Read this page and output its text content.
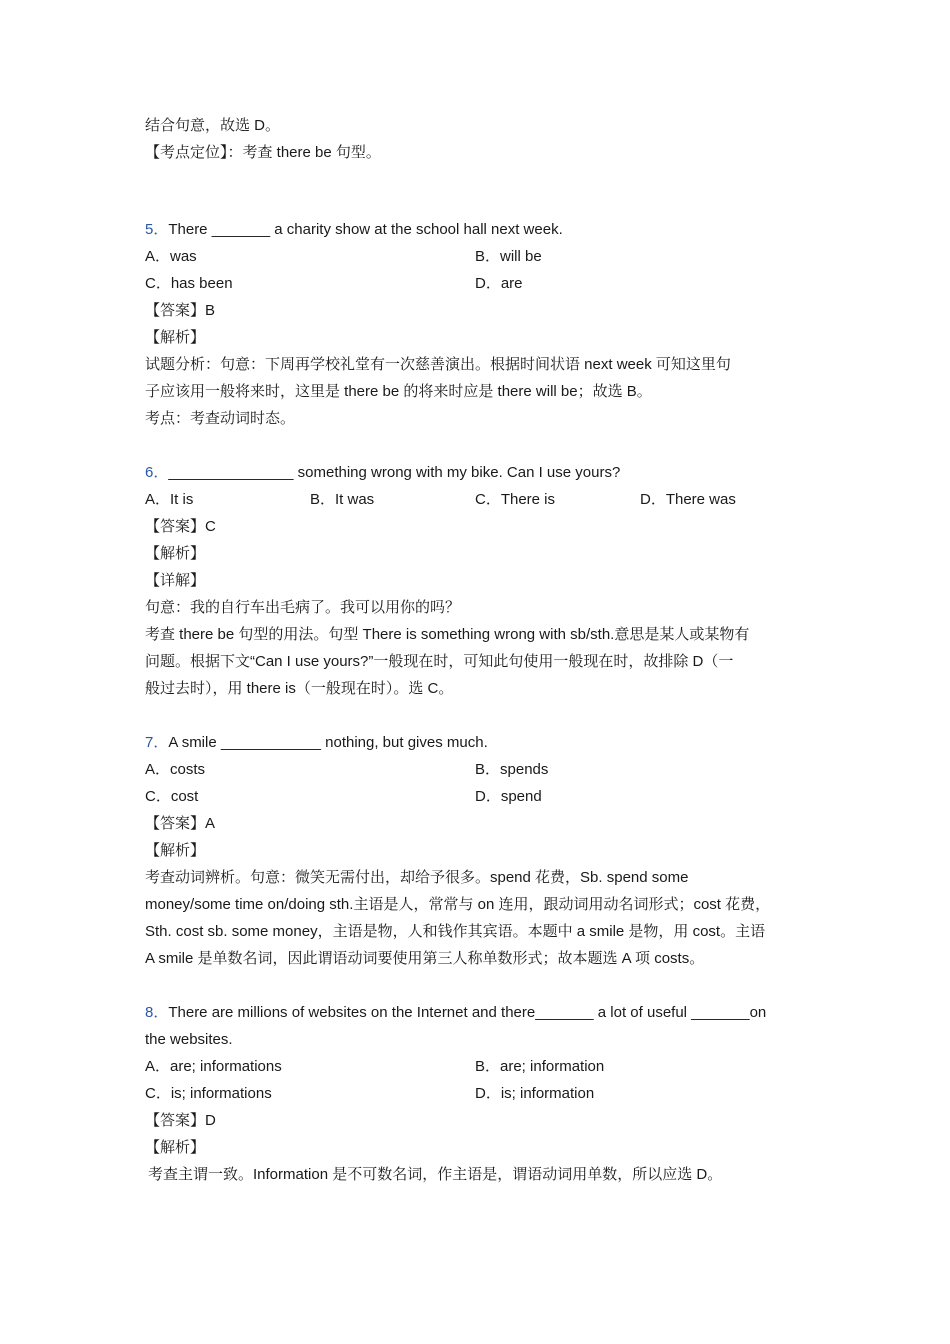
结合句意，故选 D。
【考点定位】：考查 there be 句型。
5．There _______ a charity show at the school hall next week.
A．was	B．will be
C．has been	D．are
【答案】B
【解析】
试题分析：句意：下周再学校礼堂有一次慈善演出。根据时间状语 next week 可知这里句
子应该用一般将来时，这里是 there be 的将来时应是 there will be；故选 B。
考点：考查动词时态。
6．_______________ something wrong with my bike. Can I use yours?
A．It is	B．It was	C．There is	D．There was
【答案】C
【解析】
【详解】
句意：我的自行车出毛病了。我可以用你的吗？
考查 there be 句型的用法。句型 There is something wrong with sb/sth.意思是某人或某物有
问题。根据下文“Can I use yours?”一般现在时，可知此句使用一般现在时，故排除 D（一
般过去时），用 there is（一般现在时）。选 C。
7．A smile ____________ nothing, but gives much.
A．costs	B．spends
C．cost	D．spend
【答案】A
【解析】
考查动词辨析。句意：微笑无需付出，却给予很多。spend 花费，Sb. spend some
money/some time on/doing sth.主语是人，常常与 on 连用，跟动词用动名词形式；cost 花费，
Sth. cost sb. some money，主语是物，人和钱作其宾语。本题中 a smile 是物，用 cost。主语
A smile 是单数名词，因此谓语动词要使用第三人称单数形式；故本题选 A 项 costs。
8．There are millions of websites on the Internet and there_______ a lot of useful _______on
the websites.
A．are; informations	B．are; information
C．is; informations	D．is; information
【答案】D
【解析】
考查主谓一致。Information 是不可数名词，作主语是，谓语动词用单数，所以应选 D。
